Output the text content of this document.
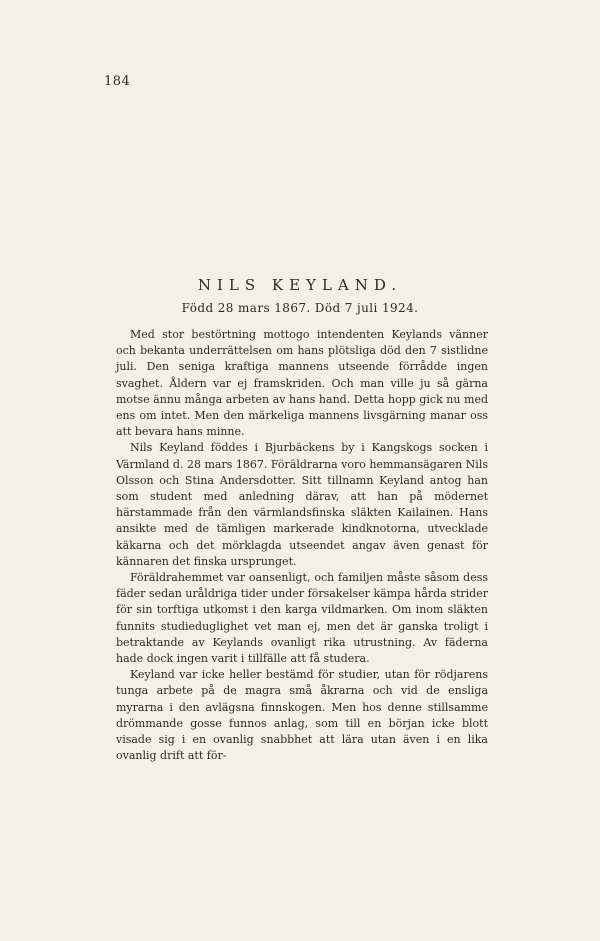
184
NILS KEYLAND.
Född 28 mars 1867. Död 7 juli 1924.

Med stor bestörtning mottogo intendenten Keylands vänner och bekanta underrättelsen om hans plötsliga död den 7 sistlidne juli. Den seniga kraftiga mannens utseende förrådde ingen svaghet. Åldern var ej framskriden. Och man ville ju så gärna motse ännu många arbeten av hans hand. Detta hopp gick nu med ens om intet. Men den märkeliga mannens livsgärning manar oss att bevara hans minne.

Nils Keyland föddes i Bjurbäckens by i Kangskogs socken i Värmland d. 28 mars 1867. Föräldrarna voro hemmansägaren Nils Olsson och Stina Andersdotter. Sitt tillnamn Keyland antog han som student med anledning därav, att han på mödernet härstammade från den värmlandsfinska släkten Kailainen. Hans ansikte med de tämligen markerade kindknotorna, utvecklade käkarna och det mörklagda utseendet angav även genast för kännaren det finska ursprunget.

Föräldrahemmet var oansenligt, och familjen måste såsom dess fäder sedan uråldriga tider under försakelser kämpa hårda strider för sin torftiga utkomst i den karga vildmarken. Om inom släkten funnits studieduglighet vet man ej, men det är ganska troligt i betraktande av Keylands ovanligt rika utrustning. Av fäderna hade dock ingen varit i tillfälle att få studera.

Keyland var icke heller bestämd för studier, utan för rödjarens tunga arbete på de magra små åkrarna och vid de ensliga myrarna i den avlägsna finnskogen. Men hos denne stillsamme drömmande gosse funnos anlag, som till en början icke blott visade sig i en ovanlig snabbhet att lära utan även i en lika ovanlig drift att för-
